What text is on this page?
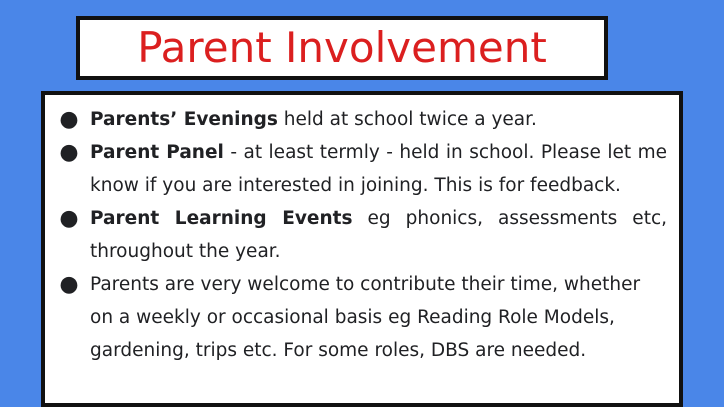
Parent Involvement
● Parents’ Evenings held at school twice a year.
● Parent Panel - at least termly - held in school. Please let me know if you are interested in joining. This is for feedback.
● Parent Learning Events eg phonics, assessments etc, throughout the year.
● Parents are very welcome to contribute their time, whether on a weekly or occasional basis eg Reading Role Models, gardening, trips etc. For some roles, DBS are needed.
